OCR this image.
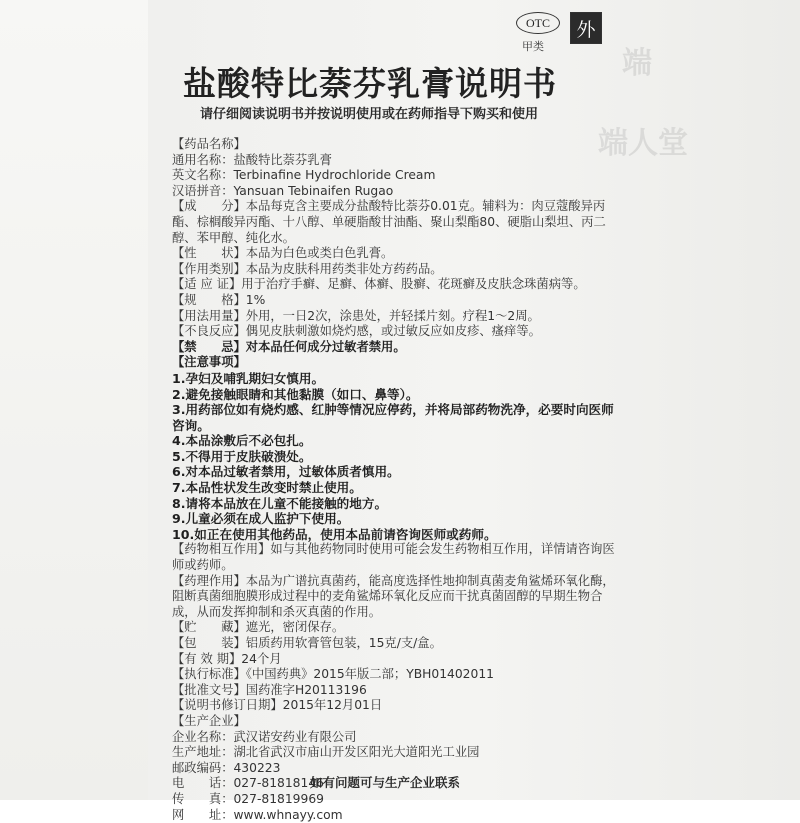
端
端人堂
OTC
甲类
外
盐酸特比萘芬乳膏说明书
请仔细阅读说明书并按说明使用或在药师指导下购买和使用
【药品名称】
通用名称：盐酸特比萘芬乳膏
英文名称：Terbinafine Hydrochloride Cream
汉语拼音：Yansuan Tebinaifen Rugao
【成　　分】本品每克含主要成分盐酸特比萘芬0.01克。辅料为：肉豆蔻酸异丙酯、棕榈酸异丙酯、十八醇、单硬脂酸甘油酯、聚山梨酯80、硬脂山梨坦、丙二醇、苯甲醇、纯化水。
【性　　状】本品为白色或类白色乳膏。
【作用类别】本品为皮肤科用药类非处方药药品。
【适 应 证】用于治疗手癣、足癣、体癣、股癣、花斑癣及皮肤念珠菌病等。
【规　　格】1%
【用法用量】外用，一日2次，涂患处，并轻揉片刻。疗程1～2周。
【不良反应】偶见皮肤刺激如烧灼感，或过敏反应如皮疹、瘙痒等。
【禁　　忌】对本品任何成分过敏者禁用。
【注意事项】
1.孕妇及哺乳期妇女慎用。
2.避免接触眼睛和其他黏膜（如口、鼻等）。
3.用药部位如有烧灼感、红肿等情况应停药，并将局部药物洗净，必要时向医师咨询。
4.本品涂敷后不必包扎。
5.不得用于皮肤破溃处。
6.对本品过敏者禁用，过敏体质者慎用。
7.本品性状发生改变时禁止使用。
8.请将本品放在儿童不能接触的地方。
9.儿童必须在成人监护下使用。
10.如正在使用其他药品，使用本品前请咨询医师或药师。
【药物相互作用】如与其他药物同时使用可能会发生药物相互作用，详情请咨询医师或药师。
【药理作用】本品为广谱抗真菌药，能高度选择性地抑制真菌麦角鲨烯环氧化酶，阻断真菌细胞膜形成过程中的麦角鲨烯环氧化反应而干扰真菌固醇的早期生物合成，从而发挥抑制和杀灭真菌的作用。
【贮　　藏】遮光，密闭保存。
【包　　装】铝质药用软膏管包装，15克/支/盒。
【有 效 期】24个月
【执行标准】《中国药典》2015年版二部；YBH01402011
【批准文号】国药准字H20113196
【说明书修订日期】2015年12月01日
【生产企业】
企业名称：武汉诺安药业有限公司
生产地址：湖北省武汉市庙山开发区阳光大道阳光工业园
邮政编码：430223
电　　话：027-81818146
传　　真：027-81819969
网　　址：www.whnayy.com
如有问题可与生产企业联系
